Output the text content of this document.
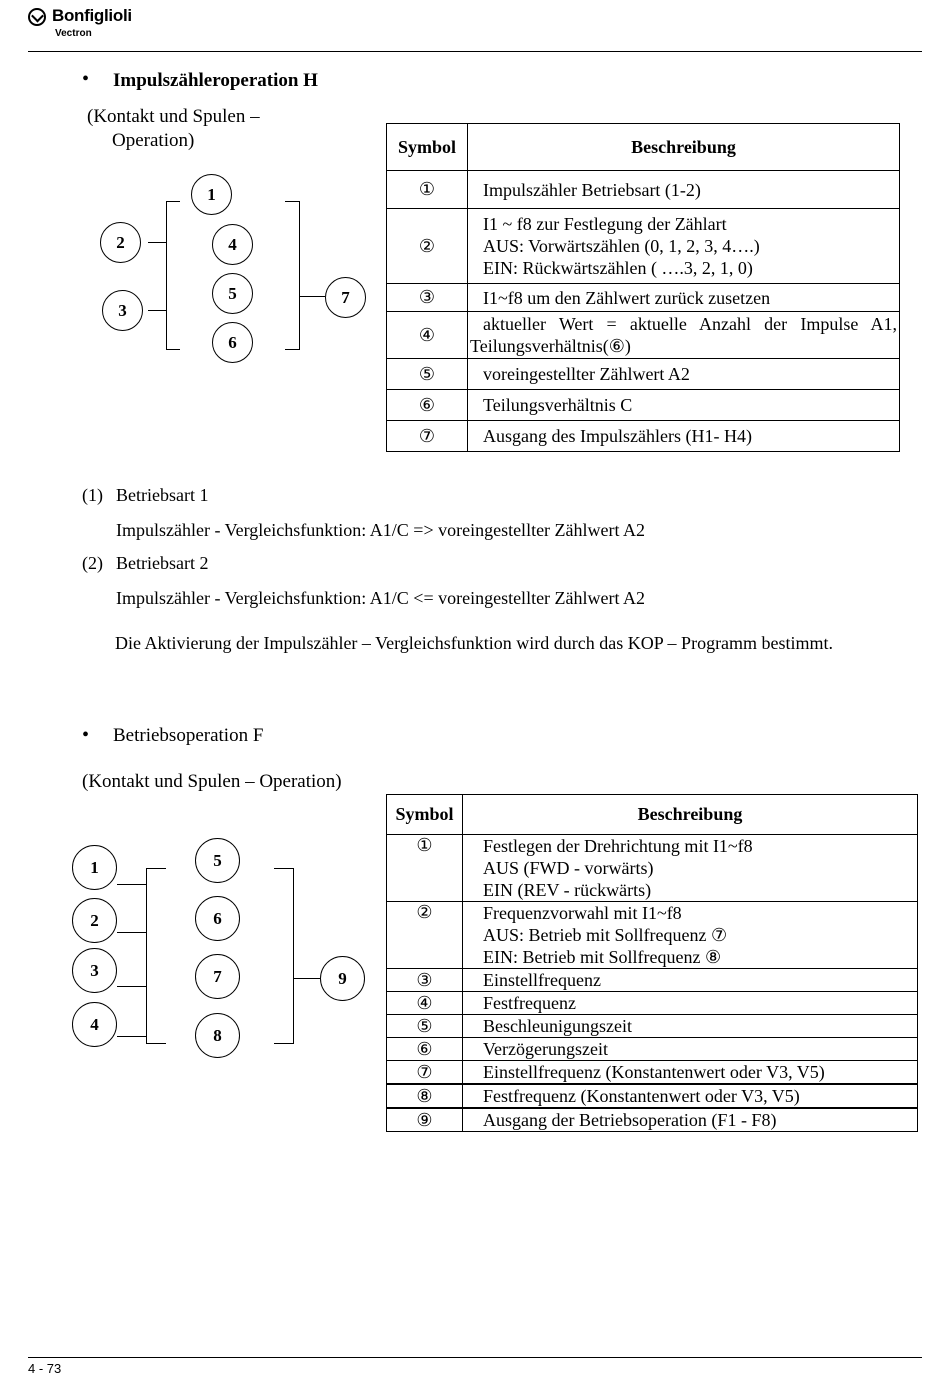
Bonfiglioli
Vectron
• Impulszähleroperation H
(Kontakt und Spulen –
Operation)
1
2
3
4
5
6
7
Symbol	Beschreibung
①	Impulszähler Betriebsart (1-2)
②	I1 ~ f8 zur Festlegung der Zählart
AUS: Vorwärtszählen (0, 1, 2, 3, 4….)
EIN: Rückwärtszählen ( ….3, 2, 1, 0)

③	I1~f8 um den Zählwert zurück zusetzen
④	aktueller Wert = aktuelle Anzahl der Impulse A1,
Teilungsverhältnis(⑥)

⑤	voreingestellter Zählwert A2
⑥	Teilungsverhältnis C
⑦	Ausgang des Impulszählers (H1- H4)
(1) Betriebsart 1
Impulszähler - Vergleichsfunktion: A1/C => voreingestellter Zählwert A2
(2) Betriebsart 2
Impulszähler - Vergleichsfunktion: A1/C <= voreingestellter Zählwert A2
Die Aktivierung der Impulszähler – Vergleichsfunktion wird durch das KOP – Programm bestimmt.
• Betriebsoperation F
(Kontakt und Spulen – Operation)
1
2
3
4
5
6
7
8
9
Symbol	Beschreibung
①	Festlegen der Drehrichtung mit I1~f8
AUS (FWD - vorwärts)
EIN (REV - rückwärts)

②	Frequenzvorwahl mit I1~f8
AUS: Betrieb mit Sollfrequenz ⑦
EIN: Betrieb mit Sollfrequenz ⑧

③	Einstellfrequenz
④	Festfrequenz
⑤	Beschleunigungszeit
⑥	Verzögerungszeit
⑦	Einstellfrequenz (Konstantenwert oder V3, V5)
⑧	Festfrequenz (Konstantenwert oder V3, V5)
⑨	Ausgang der Betriebsoperation (F1 - F8)
4 - 73
